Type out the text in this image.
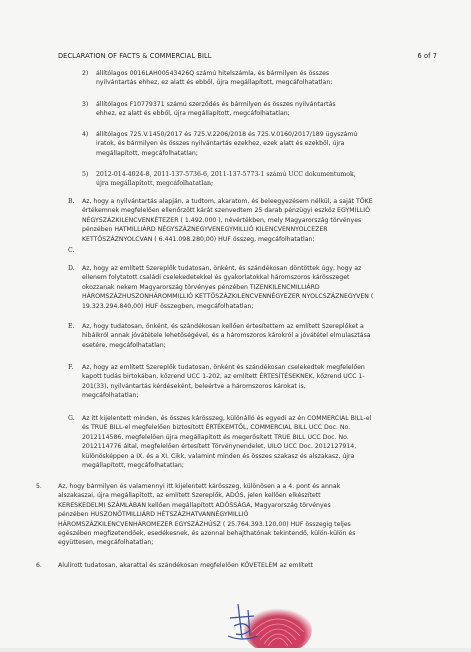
DECLARATION OF FACTS & COMMERCIAL BILL	6 of 7
2) állítólagos 0016LAH00543426Q számú hitelszámla, és bármilyen és összes
nyilvántartás ehhez, ez alatt és ebből, újra megállapított, megcáfolhatatlan;
3) állítólagos F10779371 számú szerződés és bármilyen és összes nyilvántartás
ehhez, ez alatt és ebből, újra megállapított, megcáfolhatatlan;
4) állítólagos 725.V.1450/2017 és 725.V.2206/2018 és 725.V.0160/2017/189 ügyszámú
iratok, és bármilyen és összes nyilvántartás ezekhez, ezek alatt és ezekből, újra
megállapított, megcáfolhatatlan;
5) 2012-014-4024-8, 2011-137-5736-6, 2011-137-5773-1 számú UCC dokumentumok,
újra megállapított, megcáfolhatatlan;
B. Az, hogy a nyilvántartás alapján, a tudtom, akaratom, és beleegyezésem nélkül, a saját TŐKE
értékemnek megfelelően ellenőrzött kárát szenvedtem 25 darab pénzügyi eszköz EGYMILLIÓ
NÉGYSZÁZKILENCVENKÉTEZER ( 1.492.000 ), névértékben, mely Magyarország törvényes
pénzében HATMILLIÁRD NÉGYSZÁZNEGYVENEGYMILLIÓ KILENCVENNYOLCEZER
KETTŐSZÁZNYOLCVAN ( 6.441.098.280,00) HUF összeg, megcáfolhatatlan;
C.
D. Az, hogy az említett Szereplők tudatosan, önként, és szándékosan döntöttek úgy, hogy az
ellenem folytatott családi cselekedetekkel és gyakorlatokkal háromszoros kárösszeget
okozzanak nekem Magyarország törvényes pénzében TIZENKILENCMILLIÁRD
HÁROMSZÁZHUSZONHÁROMMILLIÓ KETTŐSZÁZKILENCVENNÉGYEZER NYOLCSZÁZNEGYVEN (
19.323.294.840,00) HUF összegben, megcáfolhatatlan;
E. Az, hogy tudatosan, önként, és szándékosan kellően értesítettem az említett Szereplőket a
hibáikról annak jóvátétele lehetőségével, és a háromszoros károkról a jóvátétel elmulasztása
esetére, megcáfolhatatlan;
F. Az, hogy az említett Szereplők tudatosan, önként és szándékosan cselekedtek megfelelően
kapott tudás birtokában, kőzrend UCC 1-202, az említett ÉRTESÍTÉSEKNEK, kőzrend UCC 1-
201(33), nyilvántartás kérdéseként, beleértve a háromszoros károkat is,
megcáfolhatatlan;
G. Az itt kijelentett minden, és összes kárösszeg, különálló és egyedi az én COMMERCIAL BILL-el
és TRUE BILL-el megfelelően biztosított ÉRTÉKEMTŐL, COMMERCIAL BILL UCC Doc. No.
2012114586, megfelelően újra megállapított és megerősített TRUE BILL UCC Doc. No.
2012114776 által, megfelelően értesített Törvénynendelet, UILO UCC Doc. 2012127914,
különösképpen a IX. és a XI. Cikk, valamint minden és összes szakasz és alszakasz, újra
megállapított, megcáfolhatatlan;
5.	Az, hogy bármilyen és valamennyi itt kijelentett kárösszeg, különösen a a 4. pont és annak
alszakaszai, újra megállapított, az említett Szereplők, ADÓS, jelen kellően elkészített
KERESKEDELMI SZÁMLÁBAN kellően megállapított ADÓSSÁGA, Magyarország törvényes
pénzében HUSZONÖTMILLIÁRD HÉTSZÁZHATVANNÉGYMILLIÓ
HÁROMSZÁZKILENCVENHÁROMEZER EGYSZÁZHÚSZ ( 25.764.393.120,00) HUF összegig teljes
egészében megfizetendőek, esedékesnek, és azonnal behajthatónak tekintendő, külön-külön és
együttesen, megcáfolhatatlan;
6.	Alulírott tudatosan, akarattal és szándékosan megfelelően KÖVETELEM az említett
